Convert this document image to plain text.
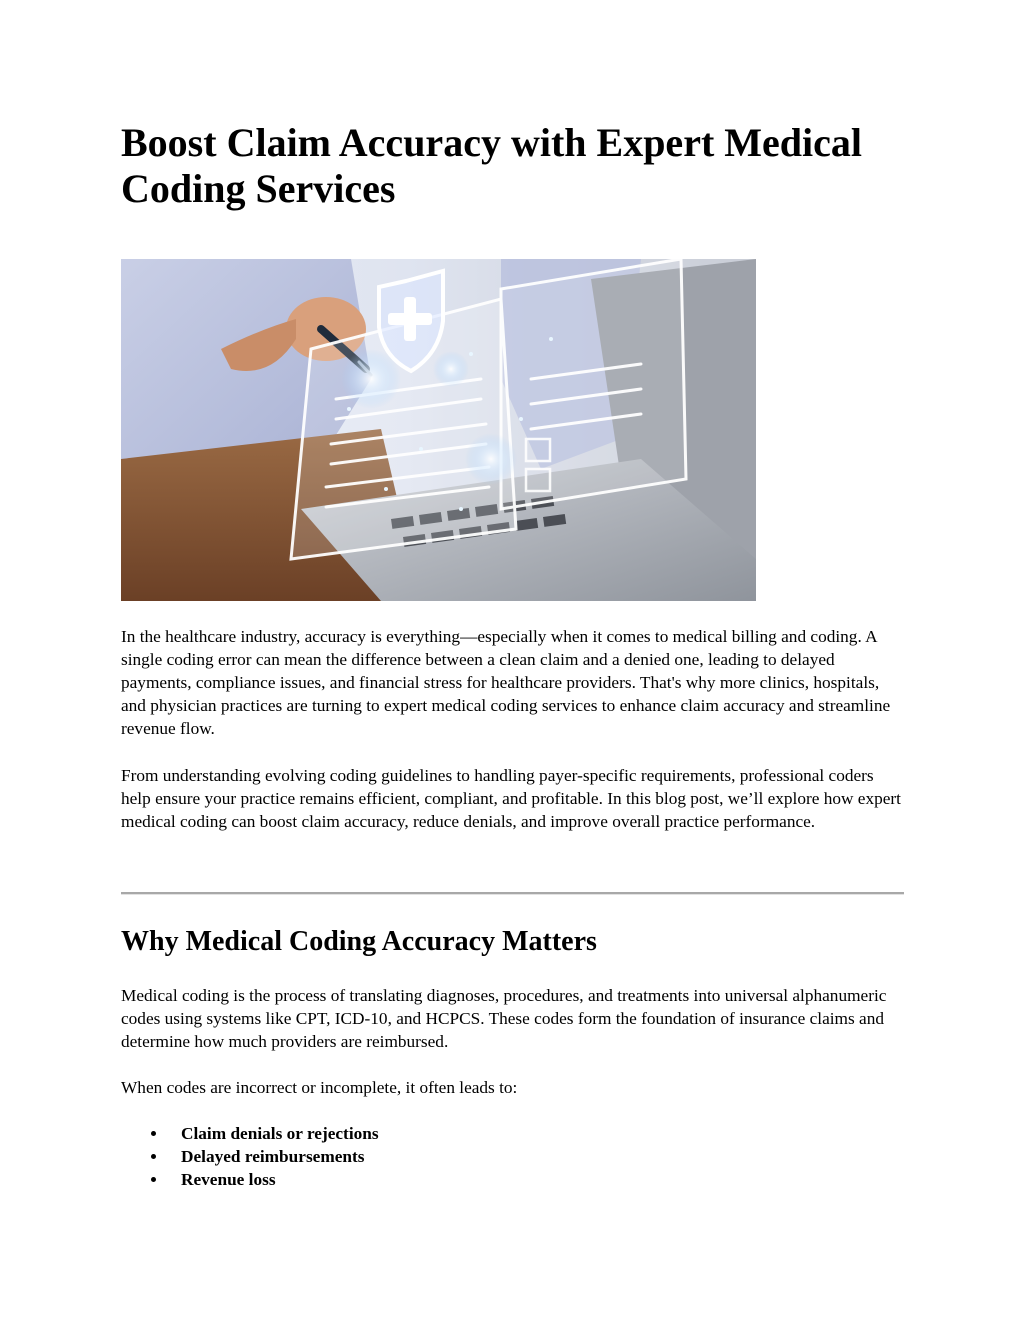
Boost Claim Accuracy with Expert Medical Coding Services

In the healthcare industry, accuracy is everything—especially when it comes to medical billing and coding. A single coding error can mean the difference between a clean claim and a denied one, leading to delayed payments, compliance issues, and financial stress for healthcare providers. That's why more clinics, hospitals, and physician practices are turning to expert medical coding services to enhance claim accuracy and streamline revenue flow.

From understanding evolving coding guidelines to handling payer-specific requirements, professional coders help ensure your practice remains efficient, compliant, and profitable. In this blog post, we’ll explore how expert medical coding can boost claim accuracy, reduce denials, and improve overall practice performance.

Why Medical Coding Accuracy Matters

Medical coding is the process of translating diagnoses, procedures, and treatments into universal alphanumeric codes using systems like CPT, ICD-10, and HCPCS. These codes form the foundation of insurance claims and determine how much providers are reimbursed.

When codes are incorrect or incomplete, it often leads to:

Claim denials or rejections
Delayed reimbursements
Revenue loss
